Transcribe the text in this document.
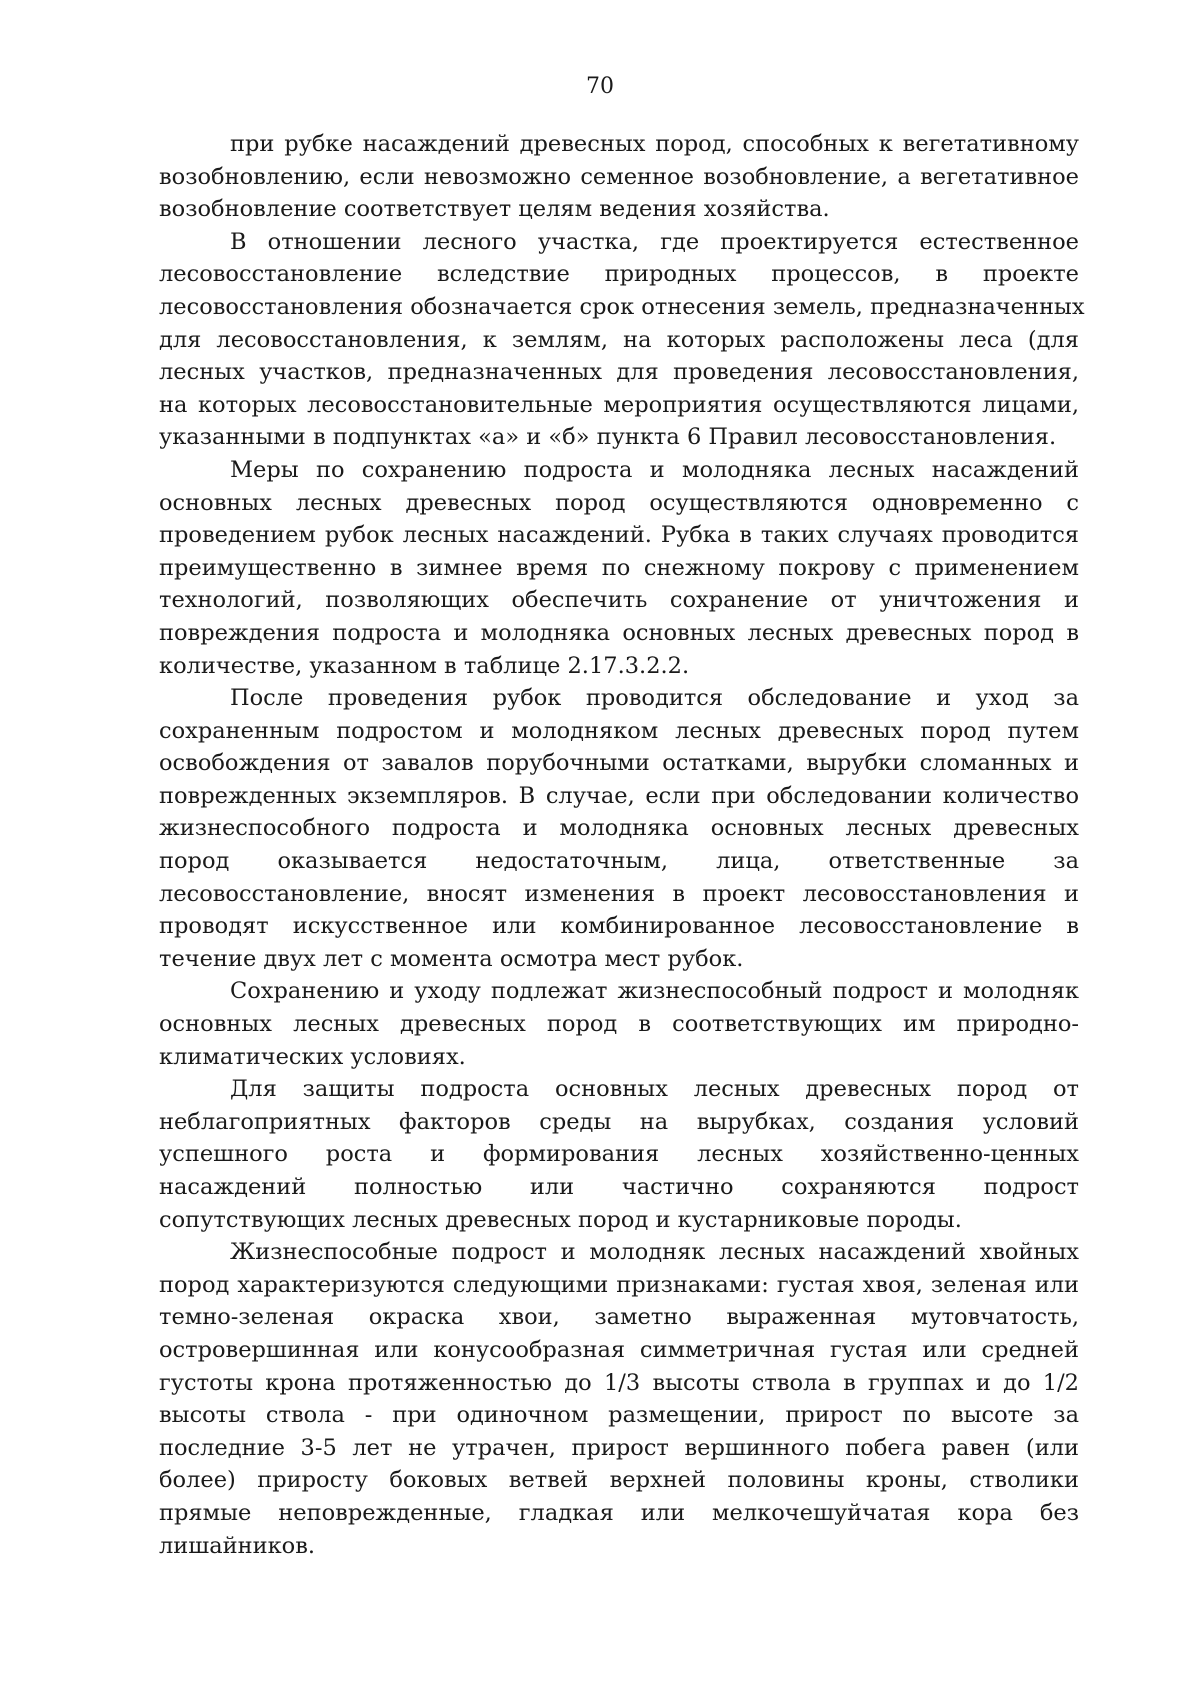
70
при рубке насаждений древесных пород, способных к вегетативному
возобновлению, если невозможно семенное возобновление, а вегетативное
возобновление соответствует целям ведения хозяйства.
В отношении лесного участка, где проектируется естественное
лесовосстановление вследствие природных процессов, в проекте
лесовосстановления обозначается срок отнесения земель, предназначенных
для лесовосстановления, к землям, на которых расположены леса (для
лесных участков, предназначенных для проведения лесовосстановления,
на которых лесовосстановительные мероприятия осуществляются лицами,
указанными в подпунктах «а» и «б» пункта 6 Правил лесовосстановления.
Меры по сохранению подроста и молодняка лесных насаждений
основных лесных древесных пород осуществляются одновременно с
проведением рубок лесных насаждений. Рубка в таких случаях проводится
преимущественно в зимнее время по снежному покрову с применением
технологий, позволяющих обеспечить сохранение от уничтожения и
повреждения подроста и молодняка основных лесных древесных пород в
количестве, указанном в таблице 2.17.3.2.2.
После проведения рубок проводится обследование и уход за
сохраненным подростом и молодняком лесных древесных пород путем
освобождения от завалов порубочными остатками, вырубки сломанных и
поврежденных экземпляров. В случае, если при обследовании количество
жизнеспособного подроста и молодняка основных лесных древесных
пород оказывается недостаточным, лица, ответственные за
лесовосстановление, вносят изменения в проект лесовосстановления и
проводят искусственное или комбинированное лесовосстановление в
течение двух лет с момента осмотра мест рубок.
Сохранению и уходу подлежат жизнеспособный подрост и молодняк
основных лесных древесных пород в соответствующих им природно-
климатических условиях.
Для защиты подроста основных лесных древесных пород от
неблагоприятных факторов среды на вырубках, создания условий
успешного роста и формирования лесных хозяйственно-ценных
насаждений полностью или частично сохраняются подрост
сопутствующих лесных древесных пород и кустарниковые породы.
Жизнеспособные подрост и молодняк лесных насаждений хвойных
пород характеризуются следующими признаками: густая хвоя, зеленая или
темно-зеленая окраска хвои, заметно выраженная мутовчатость,
островершинная или конусообразная симметричная густая или средней
густоты крона протяженностью до 1/3 высоты ствола в группах и до 1/2
высоты ствола - при одиночном размещении, прирост по высоте за
последние 3-5 лет не утрачен, прирост вершинного побега равен (или
более) приросту боковых ветвей верхней половины кроны, стволики
прямые неповрежденные, гладкая или мелкочешуйчатая кора без
лишайников.
